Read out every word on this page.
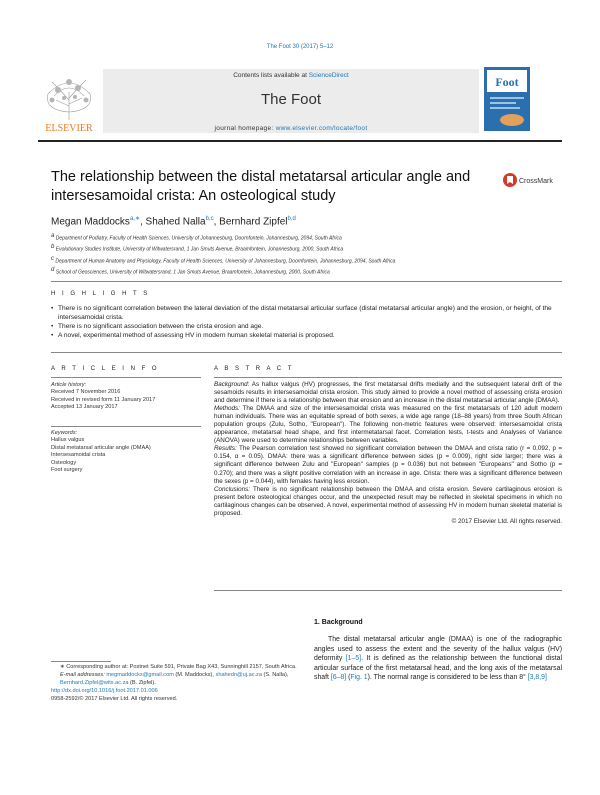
The Foot 30 (2017) 5–12
Contents lists available at ScienceDirect
The Foot
journal homepage: www.elsevier.com/locate/foot
ELSEVIER
Foot
The relationship between the distal metatarsal articular angle and intersesamoidal crista: An osteological study
CrossMark
Megan Maddocks$^{a,∗}$, Shahed Nalla$^{b,c}$, Bernhard Zipfel$^{b,d}$
$^a$ Department of Podiatry, Faculty of Health Sciences, University of Johannesburg, Doornfontein, Johannesburg, 2094, South Africa
$^b$ Evolutionary Studies Institute, University of Witwatersrand, 1 Jan Smuts Avenue, Braamfontein, Johannesburg, 2000, South Africa
$^c$ Department of Human Anatomy and Physiology, Faculty of Health Sciences, University of Johannesburg, Doornfontein, Johannesburg, 2094, South Africa
$^d$ School of Geosciences, University of Witwatersrand, 1 Jan Smuts Avenue, Braamfontein, Johannesburg, 2000, South Africa
H I G H L I G H T S
• There is no significant correlation between the lateral deviation of the distal metatarsal articular surface (distal metatarsal articular angle) and the erosion, or height, of the intersesamoidal crista.
• There is no significant association between the crista erosion and age.
• A novel, experimental method of assessing HV in modern human skeletal material is proposed.
A R T I C L E I N F O
Article history:
Received 7 November 2016
Received in revised form 11 January 2017
Accepted 13 January 2017
Keywords:
Hallux valgus
Distal metatarsal articular angle (DMAA)
Intersesamoidal crista
Osteology
Foot surgery
A B S T R A C T

Background: As hallux valgus (HV) progresses, the first metatarsal drifts medially and the subsequent lateral drift of the sesamoids results in intersesamoidal crista erosion. This study aimed to provide a novel method of assessing crista erosion and determine if there is a relationship between that erosion and an increase in the distal metatarsal articular angle (DMAA).

Methods: The DMAA and size of the intersesamoidal crista was measured on the first metatarsals of 120 adult modern human individuals. There was an equitable spread of both sexes, a wide age range (18–88 years) from three South African population groups (Zulu, Sotho, "European"). The following non-metric features were observed: intersesamoidal crista appearance, metatarsal head shape, and first intermetatarsal facet. Correlation tests, t-tests and Analyses of Variance (ANOVA) were used to determine relationships between variables.

Results: The Pearson correlation test showed no significant correlation between the DMAA and crista ratio (r = 0.092, p = 0.154, α = 0.05). DMAA: there was a significant difference between sides (p = 0.009), right side larger; there was a significant difference between Zulu and "European" samples (p = 0.036) but not between "Europeans" and Sotho (p = 0.270); and there was a slight positive correlation with an increase in age. Crista: there was a significant difference between the sexes (p = 0.044), with females having less erosion.

Conclusions: There is no significant relationship between the DMAA and crista erosion. Severe cartilaginous erosion is present before osteological changes occur, and the unexpected result may be reflected in skeletal specimens in which no cartilaginous changes can be observed. A novel, experimental method of assessing HV in modern human skeletal material is proposed.

© 2017 Elsevier Ltd. All rights reserved.

1. Background
The distal metatarsal articular angle (DMAA) is one of the radiographic angles used to assess the extent and the severity of the hallux valgus (HV) deformity [1–5]. It is defined as the relationship between the functional distal articular surface of the first metatarsal head, and the long axis of the metatarsal shaft [6–8] (Fig. 1). The normal range is considered to be less than 8° [3,8,9]
∗ Corresponding author at: Postnet Suite 591, Private Bag X43, Sunninghill 2157, South Africa.
E-mail addresses: megmaddocks@gmail.com (M. Maddocks), shahedn@uj.ac.za (S. Nalla), Bernhard.Zipfel@wits.ac.za (B. Zipfel).
http://dx.doi.org/10.1016/j.foot.2017.01.006
0958-2592/© 2017 Elsevier Ltd. All rights reserved.
